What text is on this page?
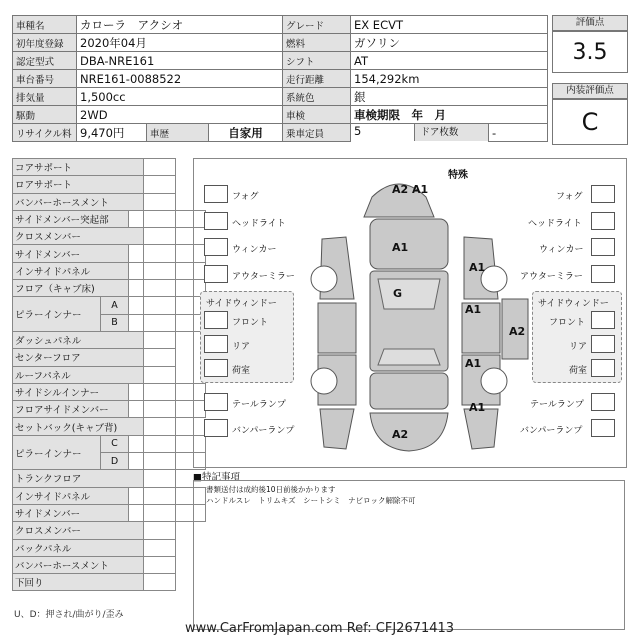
車種名	カローラ　アクシオ			グレード	EX ECVT	
初年度登録	2020年04月			燃料	ガソリン	
認定型式	DBA-NRE161			シフト	AT	
車台番号	NRE161-0088522			走行距離	154,292km	
排気量	1,500cc			系統色	銀	
駆動	2WD			車検	車検期限　年　月	
リサイクル料	9,470円	車歴	自家用	乗車定員	5 ドア枚数	-
評価点
3.5
内装評価点
C
コアサポート				
ロアサポート				
バンパーホースメント				
サイドメンバー突起部				
クロスメンバー				
サイドメンバー				
インサイドパネル				
フロア（キャブ床)				
ピラーインナー	A			
	B			
ダッシュパネル				
センターフロア				
ルーフパネル				
サイドシルインナー				
フロアサイドメンバー				
セットバック(キャブ背)				
ピラーインナー	C			
	D			
トランクフロア				
インサイドパネル				
サイドメンバー				
クロスメンバー				
バックパネル				
バンパーホースメント				
下回り				
U、D：押され/曲がり/歪み
特殊
フォグ
ヘッドライト
ウィンカー
アウターミラー
サイドウィンドー
フロント
リア
荷室
テールランプ
バンパーランプ
フォグ
ヘッドライト
ウィンカー
アウターミラー
サイドウィンドー
フロント
リア
荷室
テールランプ
バンパーランプ
A2 A1
A1
G
A1
A1
A2
A1
A1
A2
■特記事項
書類送付は成約後10日前後かかります
ハンドルスレ　トリムキズ　シートシミ　ナビロック解除不可
www.CarFromJapan.com Ref: CFJ2671413
